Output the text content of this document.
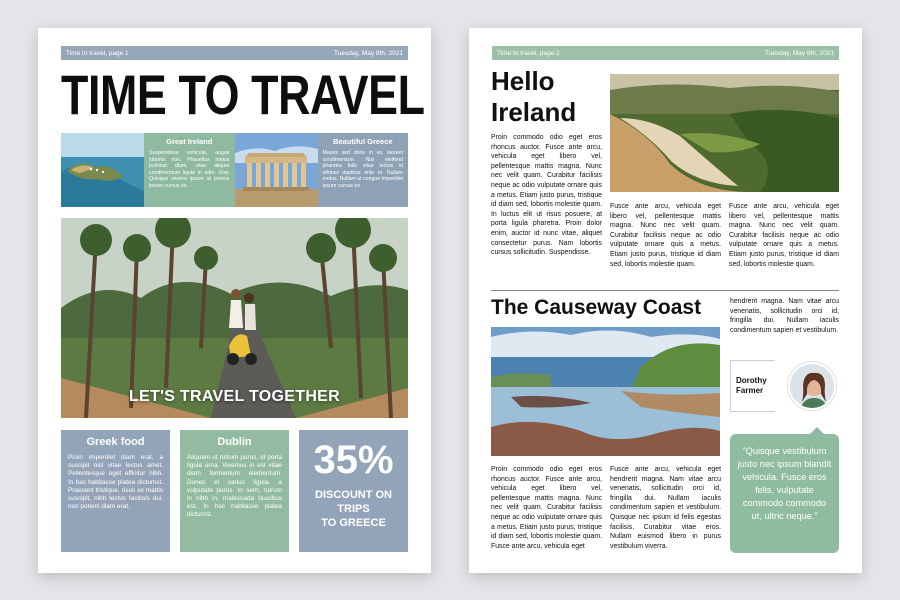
Time to travel, page 1	Tuesday, May 8th, 2021
TIME TO TRAVEL
Great Ireland
Suspendisse vehicula, augue lobortis non. Phasellus metus pulvinar diam, vitae aliquet condimentum ligula in odio. Una. Quisque viverra ipsum at primus ipsum cursus ex.
Beautiful Greece
Mauris sed dolor in ex, laoreet condimentum. Nisi eleifend pharetra felis vitae lectus id ultrices dapibus ante et. Nullam metus. Nullam ut congue imperdiet ipsum cursus ex.
LET'S TRAVEL TOGETHER
Greek food
Proin imperdiet diam erat, a suscipit nisl vitae lectus amet. Pellentesque eget efficitur nibh. In hac habitasse platea dictumst. Praesent tristique, risus ex mattis suscipit, nibh lectus facilisis dui, non potenti diam erat.
Dublin
Aliquam ut rutrum purus, id porta ligula urna. Vivamus in est vitae diam fermentum elementum. Donec et varius ligula, a vulputate purus. In sem, rutrum in nibh in, malesuada faucibus est. In hac habitasse platea dictumst.
35%
DISCOUNT ON
TRIPS
TO GREECE
Time to travel, page 2	Tuesday, May 8th, 2021
Hello Ireland
Proin commodo odio eget eros rhoncus auctor. Fusce ante arcu, vehicula eget libero vel, pellentesque mattis magna. Nunc nec velit quam. Curabitur facilisis neque ac odio vulputate ornare quis a metus. Etiam justo purus, tristique id diam sed, lobortis molestie quam. In luctus elit ut risus posuere, at porta ligula pharetra. Proin dolor enim, auctor id nunc vitae, aliquet consectetur purus. Nam lobortis cursus sollicitudin. Suspendisse.
Fusce ante arcu, vehicula eget libero vel, pellentesque mattis magna. Nunc nec velit quam. Curabitur facilisis neque ac odio vulputate ornare quis a metus. Etiam justo purus, tristique id diam sed, lobortis molestie quam.
Fusce ante arcu, vehicula eget libero vel, pellentesque mattis magna. Nunc nec velit quam. Curabitur facilisis neque ac odio vulputate ornare quis a metus. Etiam justo purus, tristique id diam sed, lobortis molestie quam.
The Causeway Coast	hendrerit magna. Nam vitae arcu venenatis, sollicitudin orci id, fringilla dui. Nullam iaculis condimentum sapien et vestibulum.
Dorothy Farmer
Proin commodo odio eget eros rhoncus auctor. Fusce ante arcu, vehicula eget libero vel, pellentesque mattis magna. Nunc nec velit quam. Curabitur facilisis neque ac odio vulputate ornare quis a metus. Etiam justo purus, tristique id diam sed, lobortis molestie quam. Fusce ante arcu, vehicula eget
Fusce ante arcu, vehicula eget hendrerit magna. Nam vitae arcu venenatis, sollicitudin orci id, fringilla dui. Nullam iaculis condimentum sapien et vestibulum. Quisque nec ipsum id felis egestas facilisis. Curabitur vitae eros. Nullam euismod libero in purus vestibulum viverra.
“Quisque vestibulum justo nec ipsum blandit vehicula. Fusce eros felis, vulputate commodo commodo ut, ultric neque.”
